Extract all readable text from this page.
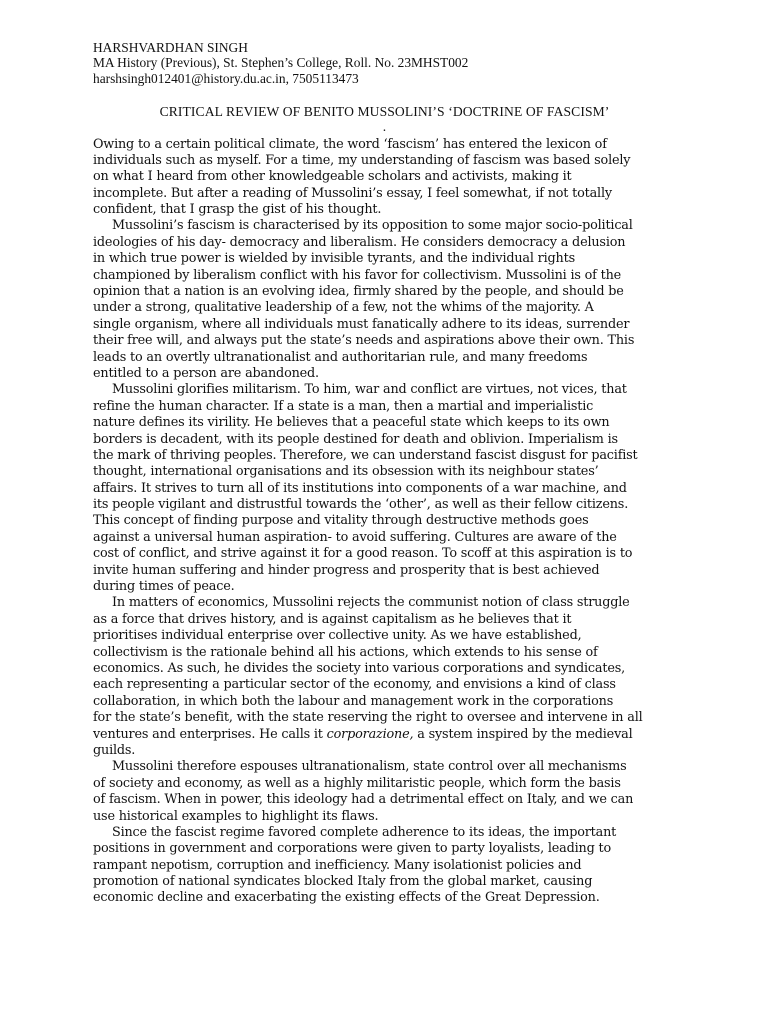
HARSHVARDHAN SINGH
MA History (Previous), St. Stephen’s College, Roll. No. 23MHST002
harshsingh012401@history.du.ac.in, 7505113473
CRITICAL REVIEW OF BENITO MUSSOLINI’S ‘DOCTRINE OF FASCISM’
.
Owing to a certain political climate, the word ‘fascism’ has entered the lexicon of
individuals such as myself. For a time, my understanding of fascism was based solely
on what I heard from other knowledgeable scholars and activists, making it
incomplete. But after a reading of Mussolini’s essay, I feel somewhat, if not totally
confident, that I grasp the gist of his thought.
Mussolini’s fascism is characterised by its opposition to some major socio-political
ideologies of his day- democracy and liberalism. He considers democracy a delusion
in which true power is wielded by invisible tyrants, and the individual rights
championed by liberalism conflict with his favor for collectivism. Mussolini is of the
opinion that a nation is an evolving idea, firmly shared by the people, and should be
under a strong, qualitative leadership of a few, not the whims of the majority. A
single organism, where all individuals must fanatically adhere to its ideas, surrender
their free will, and always put the state’s needs and aspirations above their own. This
leads to an overtly ultranationalist and authoritarian rule, and many freedoms
entitled to a person are abandoned.
Mussolini glorifies militarism. To him, war and conflict are virtues, not vices, that
refine the human character. If a state is a man, then a martial and imperialistic
nature defines its virility. He believes that a peaceful state which keeps to its own
borders is decadent, with its people destined for death and oblivion. Imperialism is
the mark of thriving peoples. Therefore, we can understand fascist disgust for pacifist
thought, international organisations and its obsession with its neighbour states’
affairs. It strives to turn all of its institutions into components of a war machine, and
its people vigilant and distrustful towards the ‘other’, as well as their fellow citizens.
This concept of finding purpose and vitality through destructive methods goes
against a universal human aspiration- to avoid suffering. Cultures are aware of the
cost of conflict, and strive against it for a good reason. To scoff at this aspiration is to
invite human suffering and hinder progress and prosperity that is best achieved
during times of peace.
In matters of economics, Mussolini rejects the communist notion of class struggle
as a force that drives history, and is against capitalism as he believes that it
prioritises individual enterprise over collective unity. As we have established,
collectivism is the rationale behind all his actions, which extends to his sense of
economics. As such, he divides the society into various corporations and syndicates,
each representing a particular sector of the economy, and envisions a kind of class
collaboration, in which both the labour and management work in the corporations
for the state’s benefit, with the state reserving the right to oversee and intervene in all
ventures and enterprises. He calls it corporazione, a system inspired by the medieval
guilds.
Mussolini therefore espouses ultranationalism, state control over all mechanisms
of society and economy, as well as a highly militaristic people, which form the basis
of fascism. When in power, this ideology had a detrimental effect on Italy, and we can
use historical examples to highlight its flaws.
Since the fascist regime favored complete adherence to its ideas, the important
positions in government and corporations were given to party loyalists, leading to
rampant nepotism, corruption and inefficiency. Many isolationist policies and
promotion of national syndicates blocked Italy from the global market, causing
economic decline and exacerbating the existing effects of the Great Depression.
